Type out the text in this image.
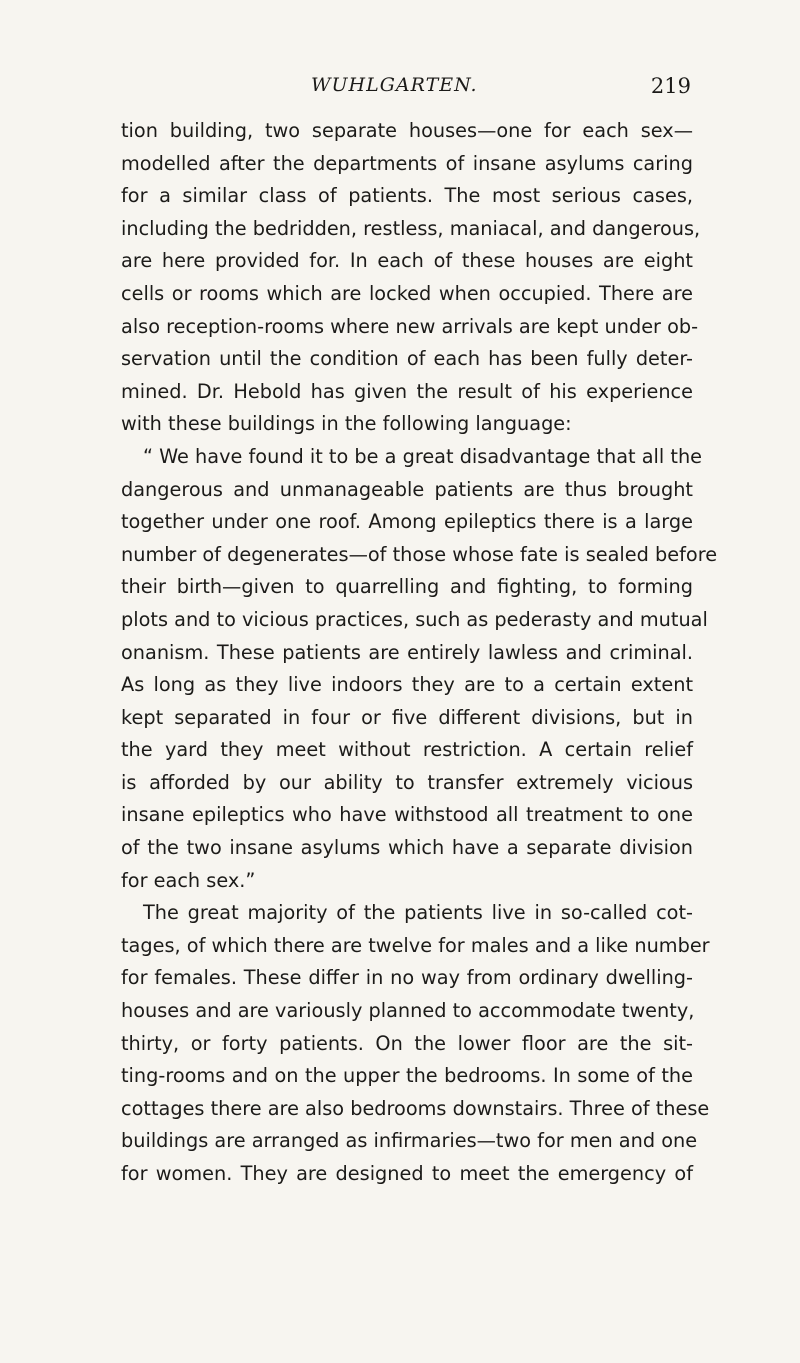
WUHLGARTEN.	219
tion building, two separate houses—one for each sex—
modelled after the departments of insane asylums caring
for a similar class of patients. The most serious cases,
including the bedridden, restless, maniacal, and dangerous,
are here provided for. In each of these houses are eight
cells or rooms which are locked when occupied. There are
also reception-rooms where new arrivals are kept under ob-
servation until the condition of each has been fully deter-
mined. Dr. Hebold has given the result of his experience
with these buildings in the following language:
“ We have found it to be a great disadvantage that all the
dangerous and unmanageable patients are thus brought
together under one roof. Among epileptics there is a large
number of degenerates—of those whose fate is sealed before
their birth—given to quarrelling and fighting, to forming
plots and to vicious practices, such as pederasty and mutual
onanism. These patients are entirely lawless and criminal.
As long as they live indoors they are to a certain extent
kept separated in four or five different divisions, but in
the yard they meet without restriction. A certain relief
is afforded by our ability to transfer extremely vicious
insane epileptics who have withstood all treatment to one
of the two insane asylums which have a separate division
for each sex.”
The great majority of the patients live in so-called cot-
tages, of which there are twelve for males and a like number
for females. These differ in no way from ordinary dwelling-
houses and are variously planned to accommodate twenty,
thirty, or forty patients. On the lower floor are the sit-
ting-rooms and on the upper the bedrooms. In some of the
cottages there are also bedrooms downstairs. Three of these
buildings are arranged as infirmaries—two for men and one
for women. They are designed to meet the emergency of
